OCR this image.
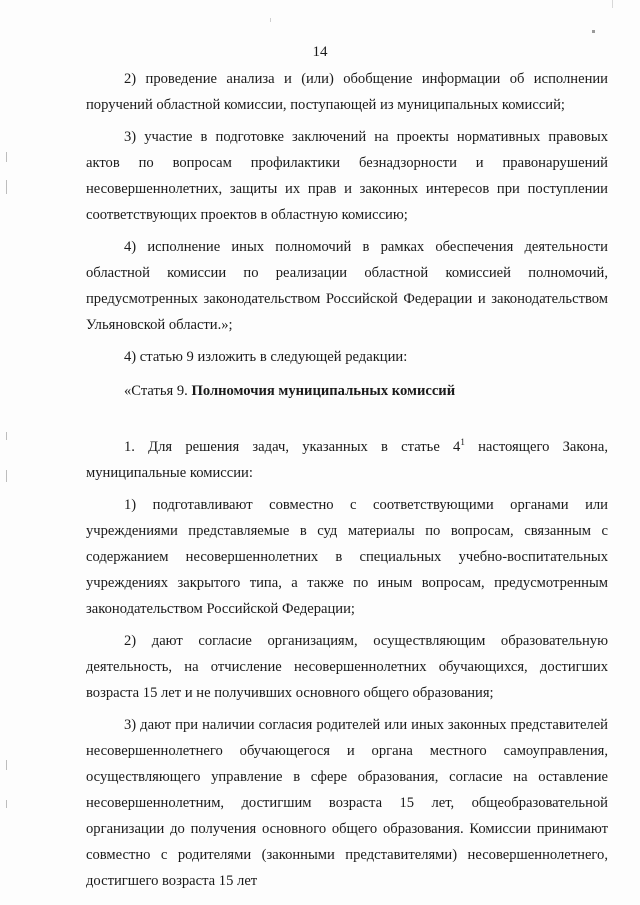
14

2) проведение анализа и (или) обобщение информации об исполнении поручений областной комиссии, поступающей из муниципальных комиссий;

3) участие в подготовке заключений на проекты нормативных правовых актов по вопросам профилактики безнадзорности и правонарушений несовершеннолетних, защиты их прав и законных интересов при поступлении соответствующих проектов в областную комиссию;

4) исполнение иных полномочий в рамках обеспечения деятельности областной комиссии по реализации областной комиссией полномочий, предусмотренных законодательством Российской Федерации и законодательством Ульяновской области.»;

4) статью 9 изложить в следующей редакции:

«Статья 9. Полномочия муниципальных комиссий

1. Для решения задач, указанных в статье $4^1$ настоящего Закона, муниципальные комиссии:

1) подготавливают совместно с соответствующими органами или учреждениями представляемые в суд материалы по вопросам, связанным с содержанием несовершеннолетних в специальных учебно-воспитательных учреждениях закрытого типа, а также по иным вопросам, предусмотренным законодательством Российской Федерации;

2) дают согласие организациям, осуществляющим образовательную деятельность, на отчисление несовершеннолетних обучающихся, достигших возраста 15 лет и не получивших основного общего образования;

3) дают при наличии согласия родителей или иных законных представителей несовершеннолетнего обучающегося и органа местного самоуправления, осуществляющего управление в сфере образования, согласие на оставление несовершеннолетним, достигшим возраста 15 лет, общеобразовательной организации до получения основного общего образования. Комиссии принимают совместно с родителями (законными представителями) несовершеннолетнего, достигшего возраста 15 лет
